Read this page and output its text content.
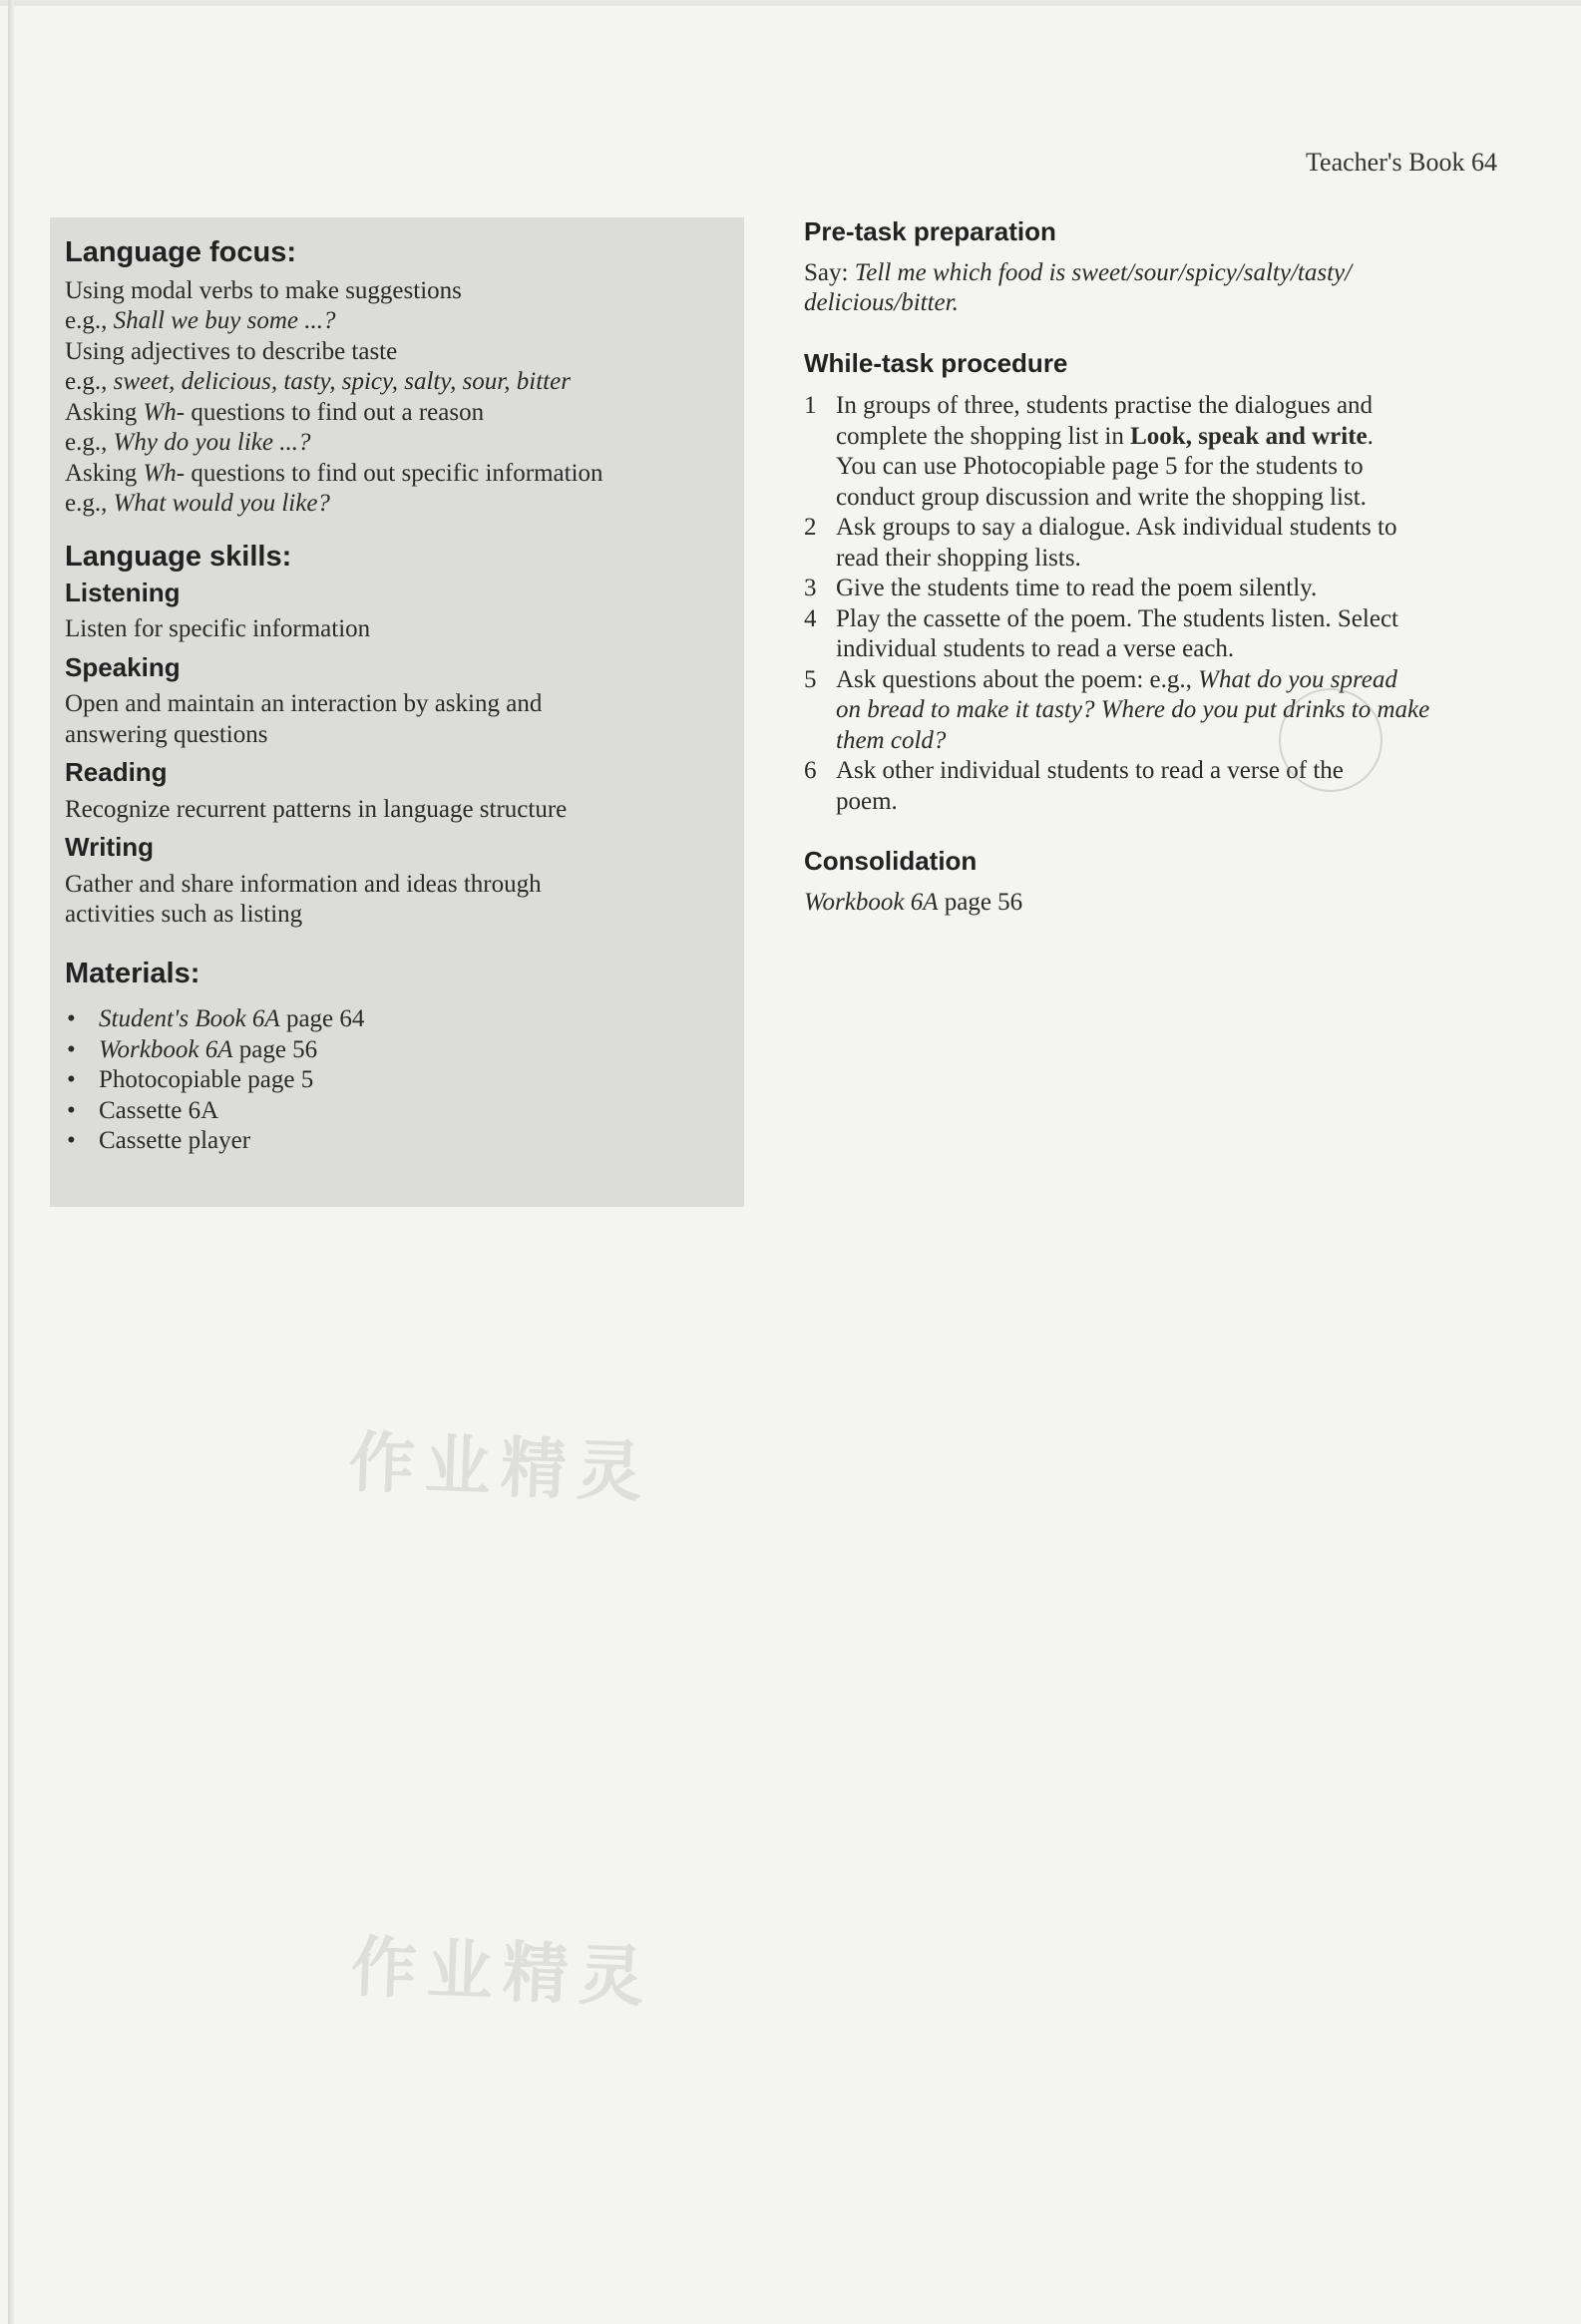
Teacher's Book 64
Language focus:
Using modal verbs to make suggestions
e.g., Shall we buy some ...?
Using adjectives to describe taste
e.g., sweet, delicious, tasty, spicy, salty, sour, bitter
Asking Wh- questions to find out a reason
e.g., Why do you like ...?
Asking Wh- questions to find out specific information
e.g., What would you like?
Language skills:
Listening
Listen for specific information
Speaking
Open and maintain an interaction by asking and
answering questions
Reading
Recognize recurrent patterns in language structure
Writing
Gather and share information and ideas through
activities such as listing
Materials:
• Student's Book 6A page 64
• Workbook 6A page 56
• Photocopiable page 5
• Cassette 6A
• Cassette player
Pre-task preparation
Say: Tell me which food is sweet/sour/spicy/salty/tasty/
delicious/bitter.
While-task procedure
1 In groups of three, students practise the dialogues and
complete the shopping list in Look, speak and write.
You can use Photocopiable page 5 for the students to
conduct group discussion and write the shopping list.
2 Ask groups to say a dialogue. Ask individual students to
read their shopping lists.
3 Give the students time to read the poem silently.
4 Play the cassette of the poem. The students listen. Select
individual students to read a verse each.
5 Ask questions about the poem: e.g., What do you spread
on bread to make it tasty? Where do you put drinks to make
them cold?
6 Ask other individual students to read a verse of the
poem.
Consolidation
Workbook 6A page 56
作业精灵
作业精灵
